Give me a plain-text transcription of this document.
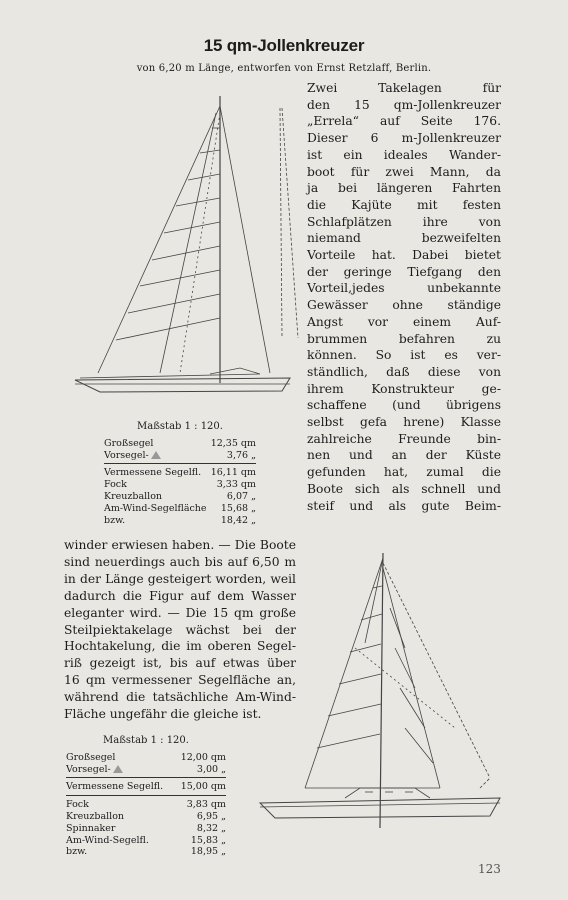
15 qm-Jollenkreuzer
von 6,20 m Länge, entworfen von Ernst Retzlaff, Berlin.
Maßstab 1 : 120.
Großsegel	12,35 qm
Vorsegel-	3,76 „
Vermessene Segelfl. 16,11 qm
Fock	3,33 qm
Kreuzballon	6,07 „
Am-Wind-Segelfläche 15,68 „
bzw.	18,42 „
Zwei Takelagen für
den 15 qm-Jollenkreuzer
„Errela“ auf Seite 176.
Dieser 6 m-Jollenkreuzer
ist ein ideales Wander-
boot für zwei Mann, da
ja bei längeren Fahrten
die Kajüte mit festen
Schlafplätzen ihre von
niemand bezweifelten
Vorteile hat. Dabei bietet
der geringe Tiefgang den
Vorteil,jedes unbekannte
Gewässer ohne ständige
Angst vor einem Auf-
brummen befahren zu
können. So ist es ver-
ständlich, daß diese von
ihrem Konstrukteur ge-
schaffene (und übrigens
selbst gefa hrene) Klasse
zahlreiche Freunde bin-
nen und an der Küste
gefunden hat, zumal die
Boote sich als schnell und
steif und als gute Beim-
winder erwiesen haben. — Die Boote
sind neuerdings auch bis auf 6,50 m
in der Länge gesteigert worden, weil
dadurch die Figur auf dem Wasser
eleganter wird. — Die 15 qm große
Steilpiektakelage wächst bei der
Hochtakelung, die im oberen Segel-
riß gezeigt ist, bis auf etwas über
16 qm vermessener Segelfläche an,
während die tatsächliche Am-Wind-
Fläche ungefähr die gleiche ist.
Maßstab 1 : 120.
Großsegel	12,00 qm
Vorsegel-	3,00 „
Vermessene Segelfl. 15,00 qm
Fock	3,83 qm
Kreuzballon	6,95 „
Spinnaker	8,32 „
Am-Wind-Segelfl.	15,83 „
bzw.	18,95 „
123
